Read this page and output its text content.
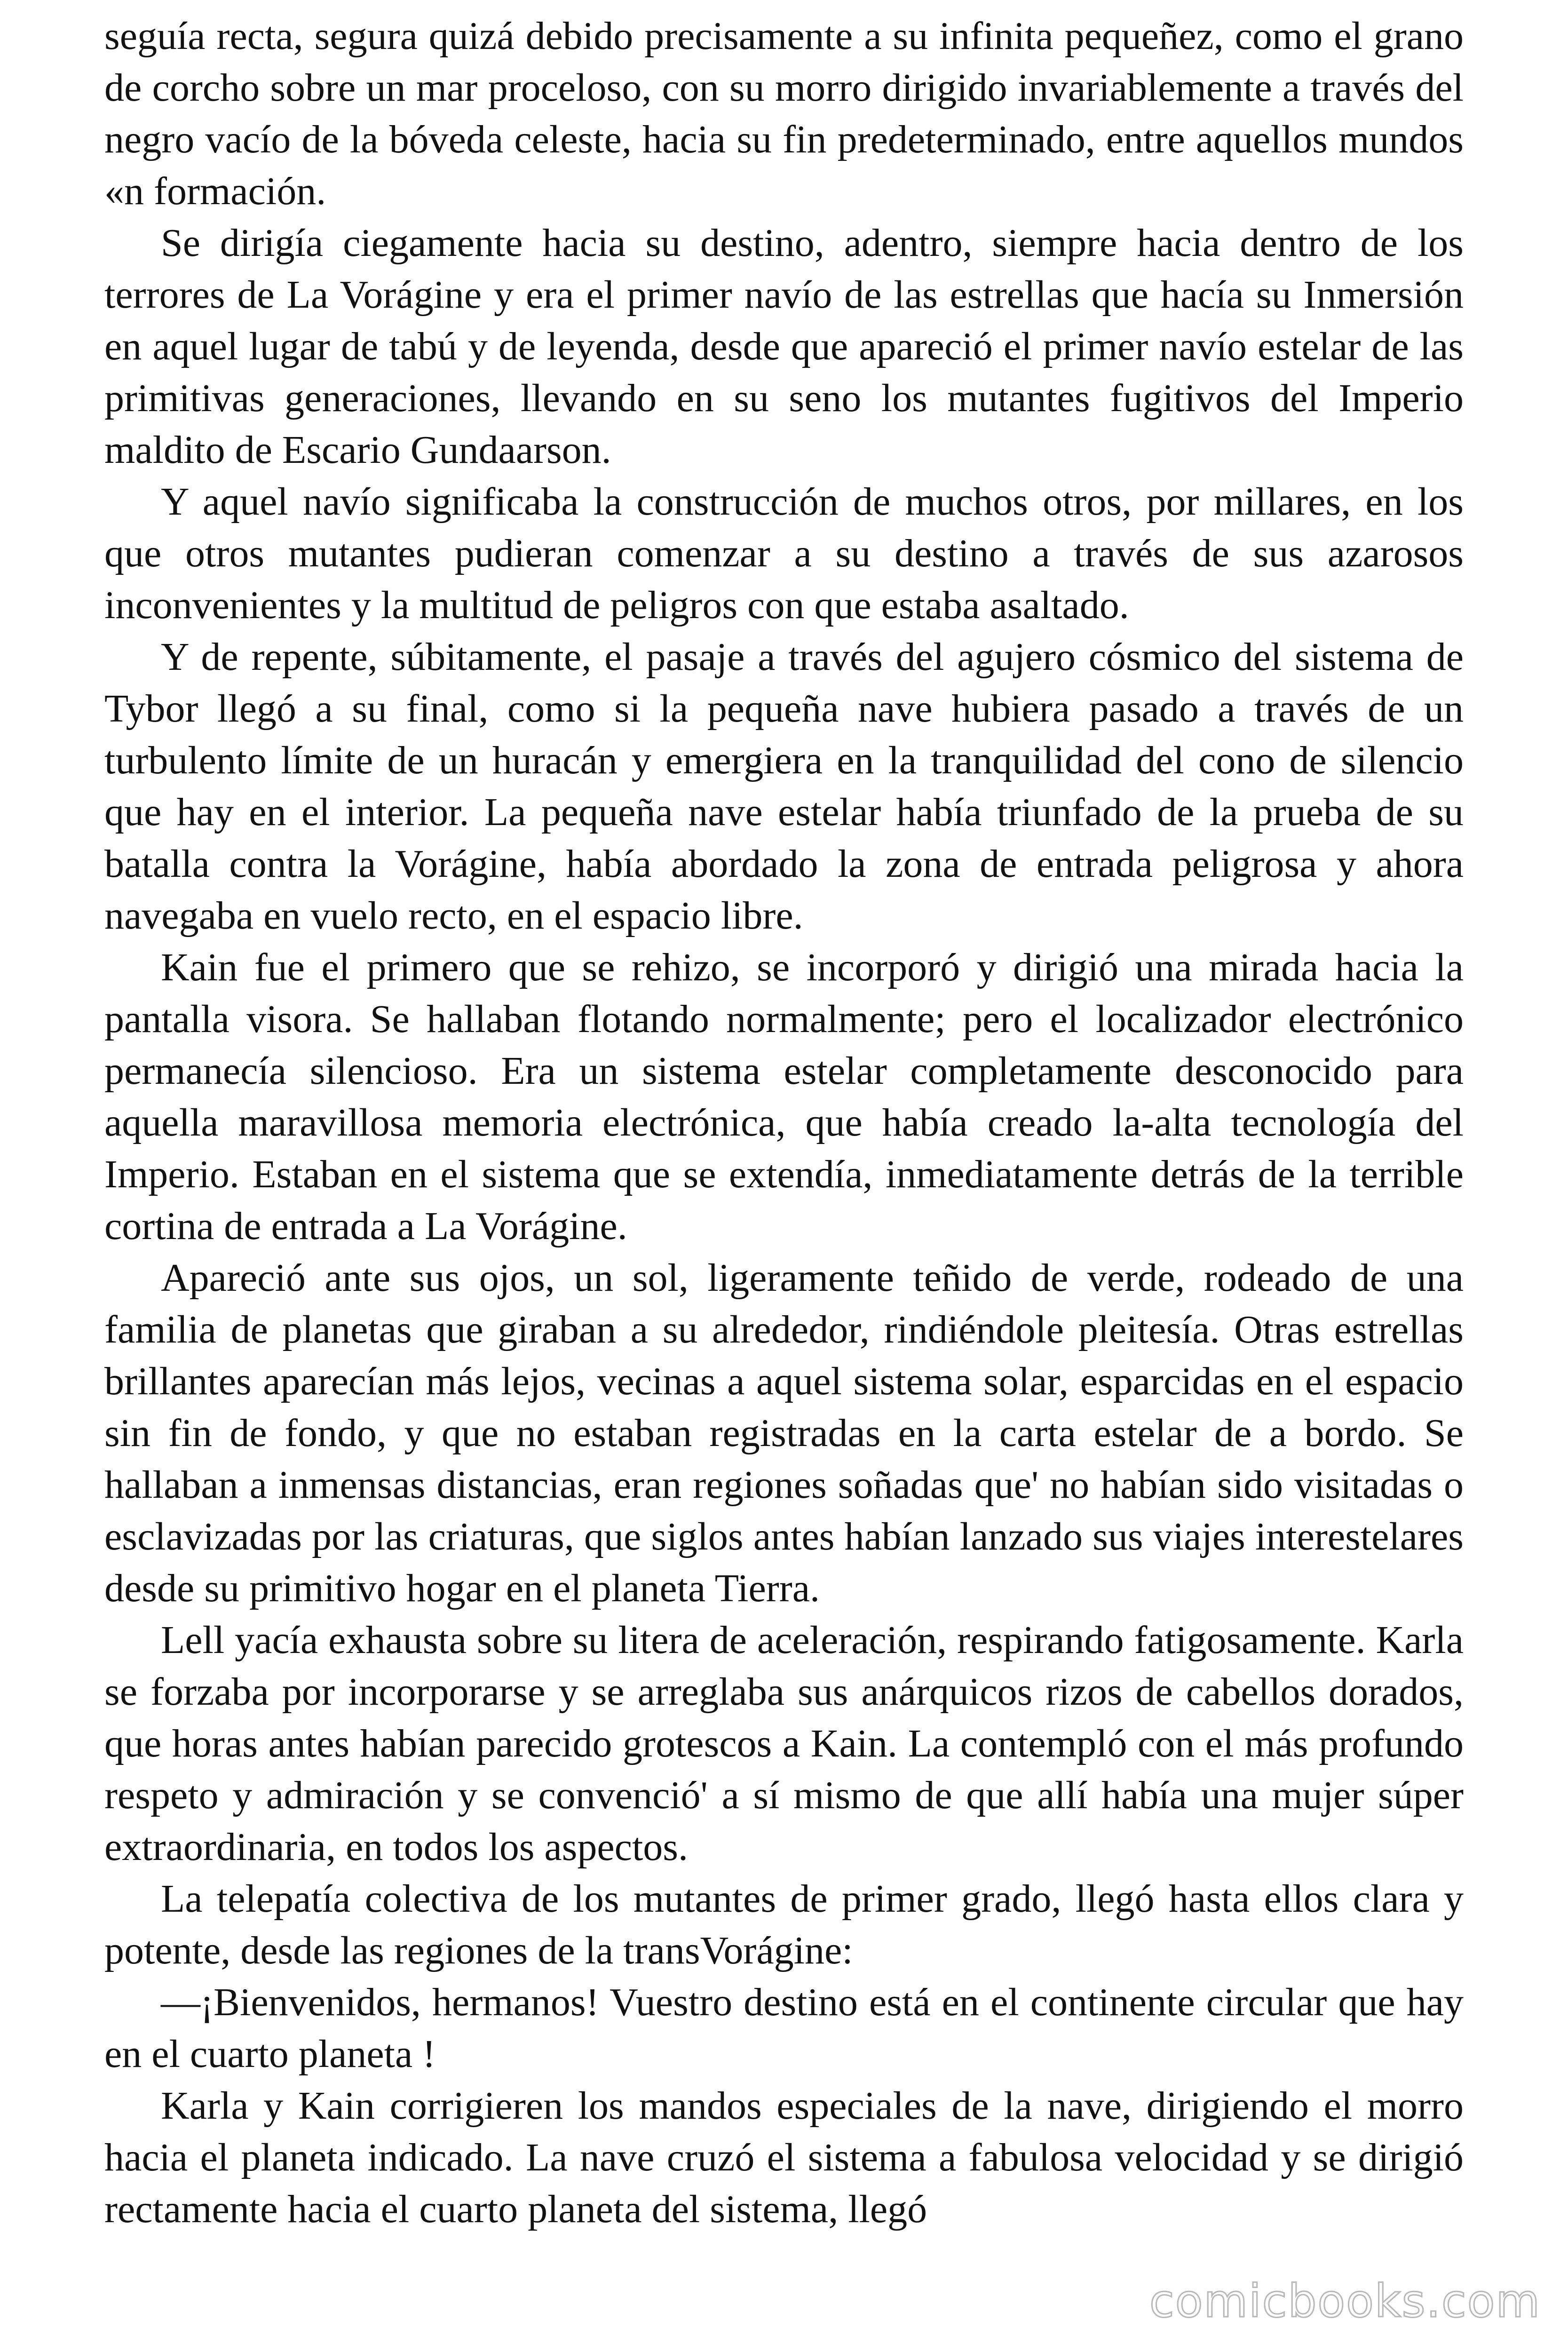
seguía recta, segura quizá debido precisamente a su infinita pequeñez, como el grano de corcho sobre un mar proceloso, con su morro dirigido invariablemente a través del negro vacío de la bóveda celeste, hacia su fin predeterminado, entre aquellos mundos «n formación.

Se dirigía ciegamente hacia su destino, adentro, siempre hacia dentro de los terrores de La Vorágine y era el primer navío de las estrellas que hacía su Inmersión en aquel lugar de tabú y de leyenda, desde que apareció el primer navío estelar de las primitivas generaciones, llevando en su seno los mutantes fugitivos del Imperio maldito de Escario Gundaarson.

Y aquel navío significaba la construcción de muchos otros, por millares, en los que otros mutantes pudieran comenzar a su destino a través de sus azarosos inconvenientes y la multitud de peligros con que estaba asaltado.

Y de repente, súbitamente, el pasaje a través del agujero cósmico del sistema de Tybor llegó a su final, como si la pequeña nave hubiera pasado a través de un turbulento límite de un huracán y emergiera en la tranquilidad del cono de silencio que hay en el interior. La pequeña nave estelar había triunfado de la prueba de su batalla contra la Vorágine, había abordado la zona de entrada peligrosa y ahora navegaba en vuelo recto, en el espacio libre.

Kain fue el primero que se rehizo, se incorporó y dirigió una mirada hacia la pantalla visora. Se hallaban flotando normalmente; pero el localizador electrónico permanecía silencioso. Era un sistema estelar completamente desconocido para aquella maravillosa memoria electrónica, que había creado la-alta tecnología del Imperio. Estaban en el sistema que se extendía, inmediatamente detrás de la terrible cortina de entrada a La Vorágine.

Apareció ante sus ojos, un sol, ligeramente teñido de verde, rodeado de una familia de planetas que giraban a su alrededor, rindiéndole pleitesía. Otras estrellas brillantes aparecían más lejos, vecinas a aquel sistema solar, esparcidas en el espacio sin fin de fondo, y que no estaban registradas en la carta estelar de a bordo. Se hallaban a inmensas distancias, eran regiones soñadas que' no habían sido visitadas o esclavizadas por las criaturas, que siglos antes habían lanzado sus viajes interestelares desde su primitivo hogar en el planeta Tierra.

Lell yacía exhausta sobre su litera de aceleración, respirando fatigosamente. Karla se forzaba por incorporarse y se arreglaba sus anárquicos rizos de cabellos dorados, que horas antes habían parecido grotescos a Kain. La contempló con el más profundo respeto y admiración y se convenció' a sí mismo de que allí había una mujer súper extraordinaria, en todos los aspectos.

La telepatía colectiva de los mutantes de primer grado, llegó hasta ellos clara y potente, desde las regiones de la transVorágine:

—¡Bienvenidos, hermanos! Vuestro destino está en el continente circular que hay en el cuarto planeta !

Karla y Kain corrigieren los mandos especiales de la nave, dirigiendo el morro hacia el planeta indicado. La nave cruzó el sistema a fabulosa velocidad y se dirigió rectamente hacia el cuarto planeta del sistema, llegó

comicbooks.com
